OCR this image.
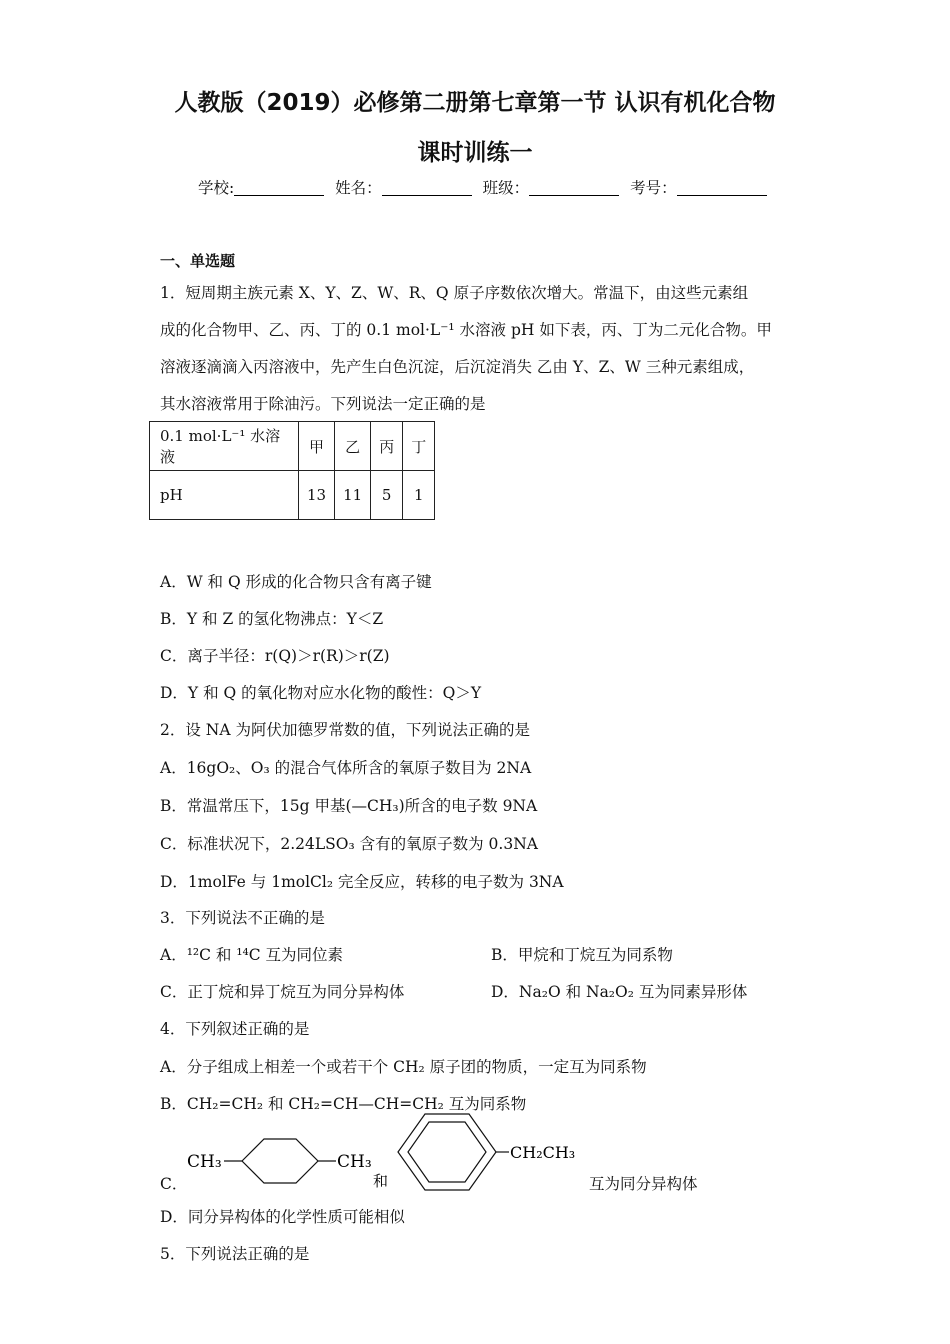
人教版（2019）必修第二册第七章第一节 认识有机化合物
课时训练一
学校:	姓名：	班级：	考号：
一、单选题
1．短周期主族元素 X、Y、Z、W、R、Q 原子序数依次增大。常温下，由这些元素组
成的化合物甲、乙、丙、丁的 0.1 mol·L⁻¹ 水溶液 pH 如下表，丙、丁为二元化合物。甲
溶液逐滴滴入丙溶液中，先产生白色沉淀，后沉淀消失 乙由 Y、Z、W 三种元素组成，
其水溶液常用于除油污。下列说法一定正确的是
0.1 mol·L⁻¹ 水溶液	甲	乙	丙	丁
pH	13	11	5	1
A．W 和 Q 形成的化合物只含有离子键
B．Y 和 Z 的氢化物沸点：Y＜Z
C．离子半径：r(Q)＞r(R)＞r(Z)
D．Y 和 Q 的氧化物对应水化物的酸性：Q＞Y
2．设 NA 为阿伏加德罗常数的值，下列说法正确的是
A．16gO₂、O₃ 的混合气体所含的氧原子数目为 2NA
B．常温常压下，15g 甲基(—CH₃)所含的电子数 9NA
C．标准状况下，2.24LSO₃ 含有的氧原子数为 0.3NA
D．1molFe 与 1molCl₂ 完全反应，转移的电子数为 3NA
3．下列说法不正确的是
A．¹²C 和 ¹⁴C 互为同位素	B．甲烷和丁烷互为同系物
C．正丁烷和异丁烷互为同分异构体	D．Na₂O 和 Na₂O₂ 互为同素异形体
4．下列叙述正确的是
A．分子组成上相差一个或若干个 CH₂ 原子团的物质，一定互为同系物
B．CH₂=CH₂ 和 CH₂=CH—CH=CH₂ 互为同系物
C．
CH₃	CH₃
和
CH₂CH₃
互为同分异构体
D．同分异构体的化学性质可能相似
5．下列说法正确的是
